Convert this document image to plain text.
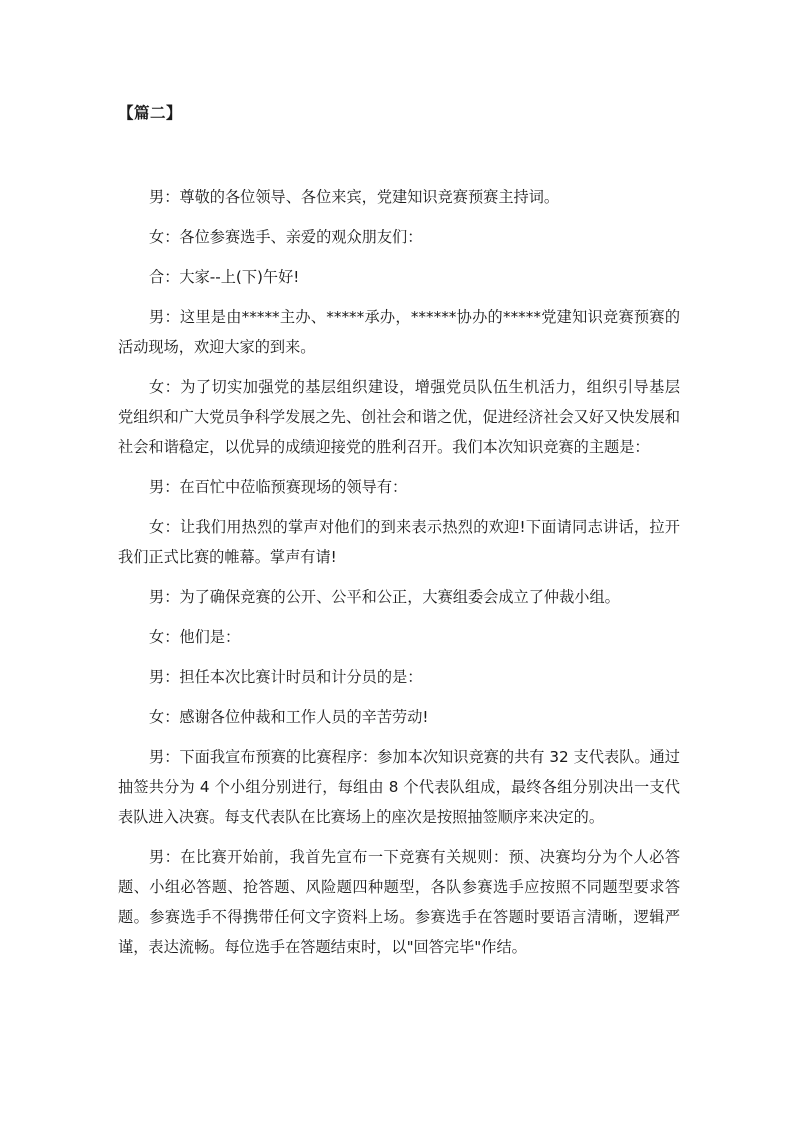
【篇二】

男：尊敬的各位领导、各位来宾，党建知识竞赛预赛主持词。

女：各位参赛选手、亲爱的观众朋友们：

合：大家--上(下)午好!

男：这里是由*****主办、*****承办，******协办的*****党建知识竞赛预赛的活动现场，欢迎大家的到来。

女：为了切实加强党的基层组织建设，增强党员队伍生机活力，组织引导基层党组织和广大党员争科学发展之先、创社会和谐之优，促进经济社会又好又快发展和社会和谐稳定，以优异的成绩迎接党的胜利召开。我们本次知识竞赛的主题是：

男：在百忙中莅临预赛现场的领导有：

女：让我们用热烈的掌声对他们的到来表示热烈的欢迎!下面请同志讲话，拉开我们正式比赛的帷幕。掌声有请!

男：为了确保竞赛的公开、公平和公正，大赛组委会成立了仲裁小组。

女：他们是：

男：担任本次比赛计时员和计分员的是：

女：感谢各位仲裁和工作人员的辛苦劳动!

男：下面我宣布预赛的比赛程序：参加本次知识竞赛的共有 32 支代表队。通过抽签共分为 4 个小组分别进行，每组由 8 个代表队组成，最终各组分别决出一支代表队进入决赛。每支代表队在比赛场上的座次是按照抽签顺序来决定的。

男：在比赛开始前，我首先宣布一下竞赛有关规则：预、决赛均分为个人必答题、小组必答题、抢答题、风险题四种题型，各队参赛选手应按照不同题型要求答题。参赛选手不得携带任何文字资料上场。参赛选手在答题时要语言清晰，逻辑严谨，表达流畅。每位选手在答题结束时，以"回答完毕"作结。
